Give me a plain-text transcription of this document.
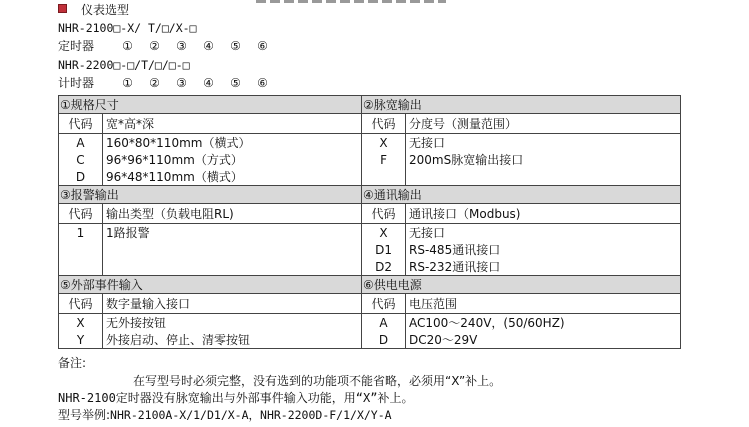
仪表选型
NHR-2100□-X/ T/□/X-□
定时器 ① ② ③ ④ ⑤ ⑥
NHR-2200□-□/T/□/□-□
计时器 ① ② ③ ④ ⑤ ⑥
①规格尺寸		②脉宽输出	
代码	宽*高*深	代码	分度号（测量范围）
A	160*80*110mm（横式）	X	无接口
C	96*96*110mm（方式）	F	200mS脉宽输出接口
D	96*48*110mm（横式）		
③报警输出		④通讯输出	
代码	输出类型（负载电阻RL)	代码	通讯接口（Modbus)
1	1路报警	X	无接口
		D1	RS-485通讯接口
		D2	RS-232通讯接口
⑤外部事件输入		⑥供电电源	
代码	数字量输入接口	代码	电压范围
X	无外接按钮	A	AC100～240V，(50/60HZ)
Y	外接启动、停止、清零按钮	D	DC20～29V
备注:
在写型号时必须完整，没有选到的功能项不能省略，必须用“X”补上。
NHR-2100定时器没有脉宽输出与外部事件输入功能，用“X”补上。
型号举例:NHR-2100A-X/1/D1/X-A，NHR-2200D-F/1/X/Y-A
